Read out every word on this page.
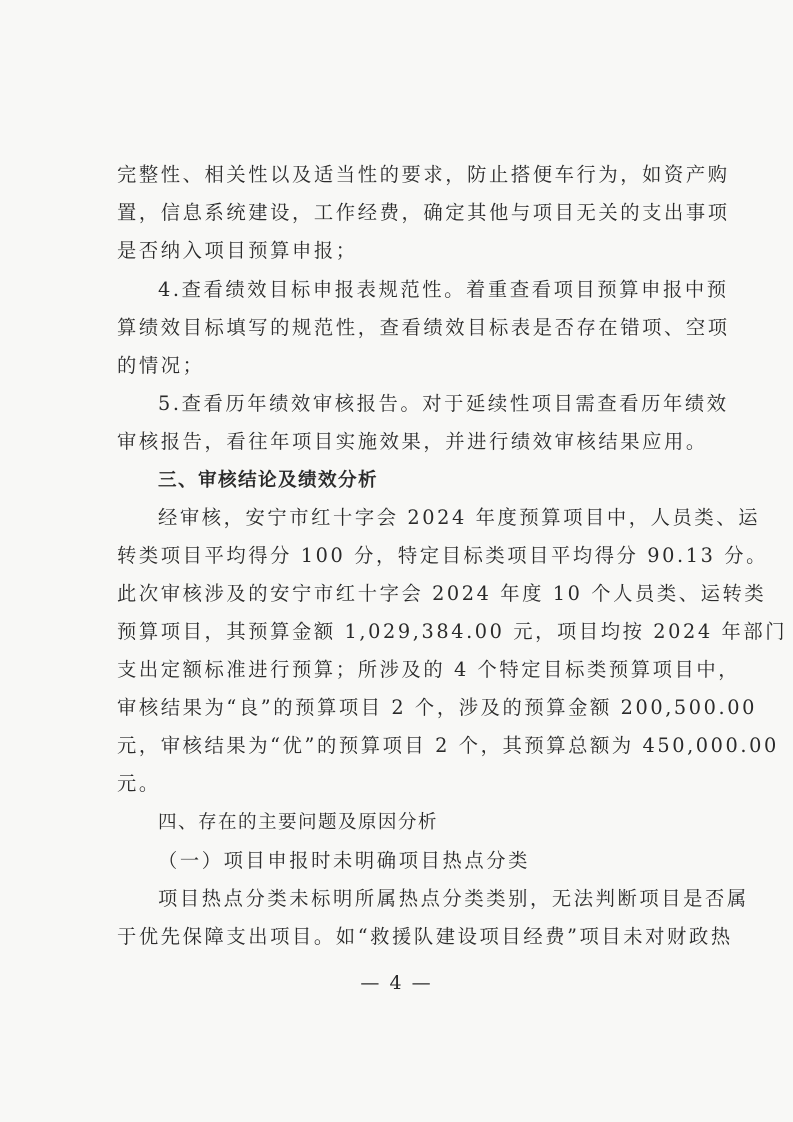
完整性、相关性以及适当性的要求，防止搭便车行为，如资产购
置，信息系统建设，工作经费，确定其他与项目无关的支出事项
是否纳入项目预算申报；
4.查看绩效目标申报表规范性。着重查看项目预算申报中预
算绩效目标填写的规范性，查看绩效目标表是否存在错项、空项
的情况；
5.查看历年绩效审核报告。对于延续性项目需查看历年绩效
审核报告，看往年项目实施效果，并进行绩效审核结果应用。
三、审核结论及绩效分析
经审核，安宁市红十字会 2024 年度预算项目中，人员类、运
转类项目平均得分 100 分，特定目标类项目平均得分 90.13 分。
此次审核涉及的安宁市红十字会 2024 年度 10 个人员类、运转类
预算项目，其预算金额 1,029,384.00 元，项目均按 2024 年部门
支出定额标准进行预算；所涉及的 4 个特定目标类预算项目中，
审核结果为“良”的预算项目 2 个，涉及的预算金额 200,500.00
元，审核结果为“优”的预算项目 2 个，其预算总额为 450,000.00
元。
四、存在的主要问题及原因分析
（一）项目申报时未明确项目热点分类
项目热点分类未标明所属热点分类类别，无法判断项目是否属
于优先保障支出项目。如“救援队建设项目经费”项目未对财政热
— 4 —
